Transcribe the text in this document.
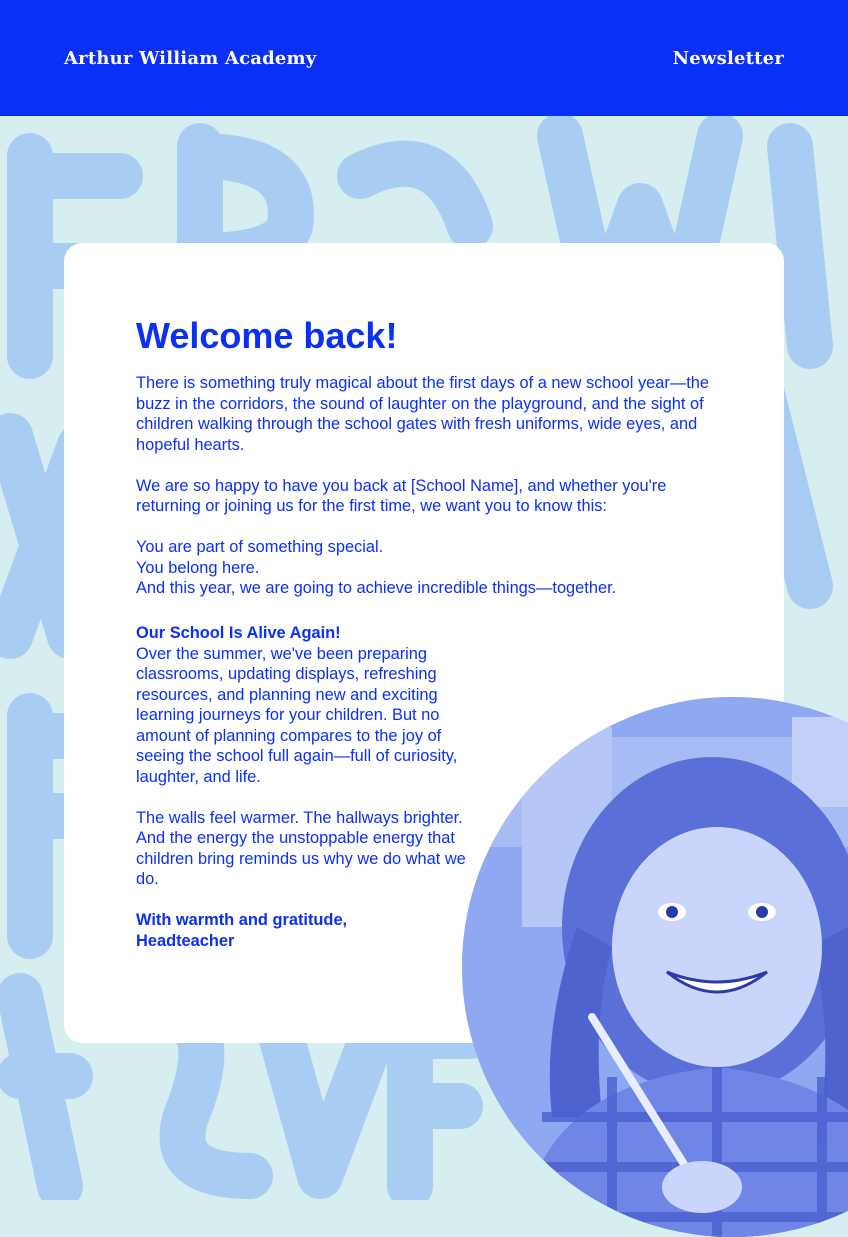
Arthur William Academy	Newsletter
Welcome back!

There is something truly magical about the first days of a new school year—the buzz in the corridors, the sound of laughter on the playground, and the sight of children walking through the school gates with fresh uniforms, wide eyes, and hopeful hearts.

We are so happy to have you back at [School Name], and whether you're returning or joining us for the first time, we want you to know this:

You are part of something special.
You belong here.
And this year, we are going to achieve incredible things—together.

Our School Is Alive Again!
Over the summer, we've been preparing classrooms, updating displays, refreshing resources, and planning new and exciting learning journeys for your children. But no amount of planning compares to the joy of seeing the school full again—full of curiosity, laughter, and life.

The walls feel warmer. The hallways brighter. And the energy the unstoppable energy that children bring reminds us why we do what we do.

With warmth and gratitude,
Headteacher
